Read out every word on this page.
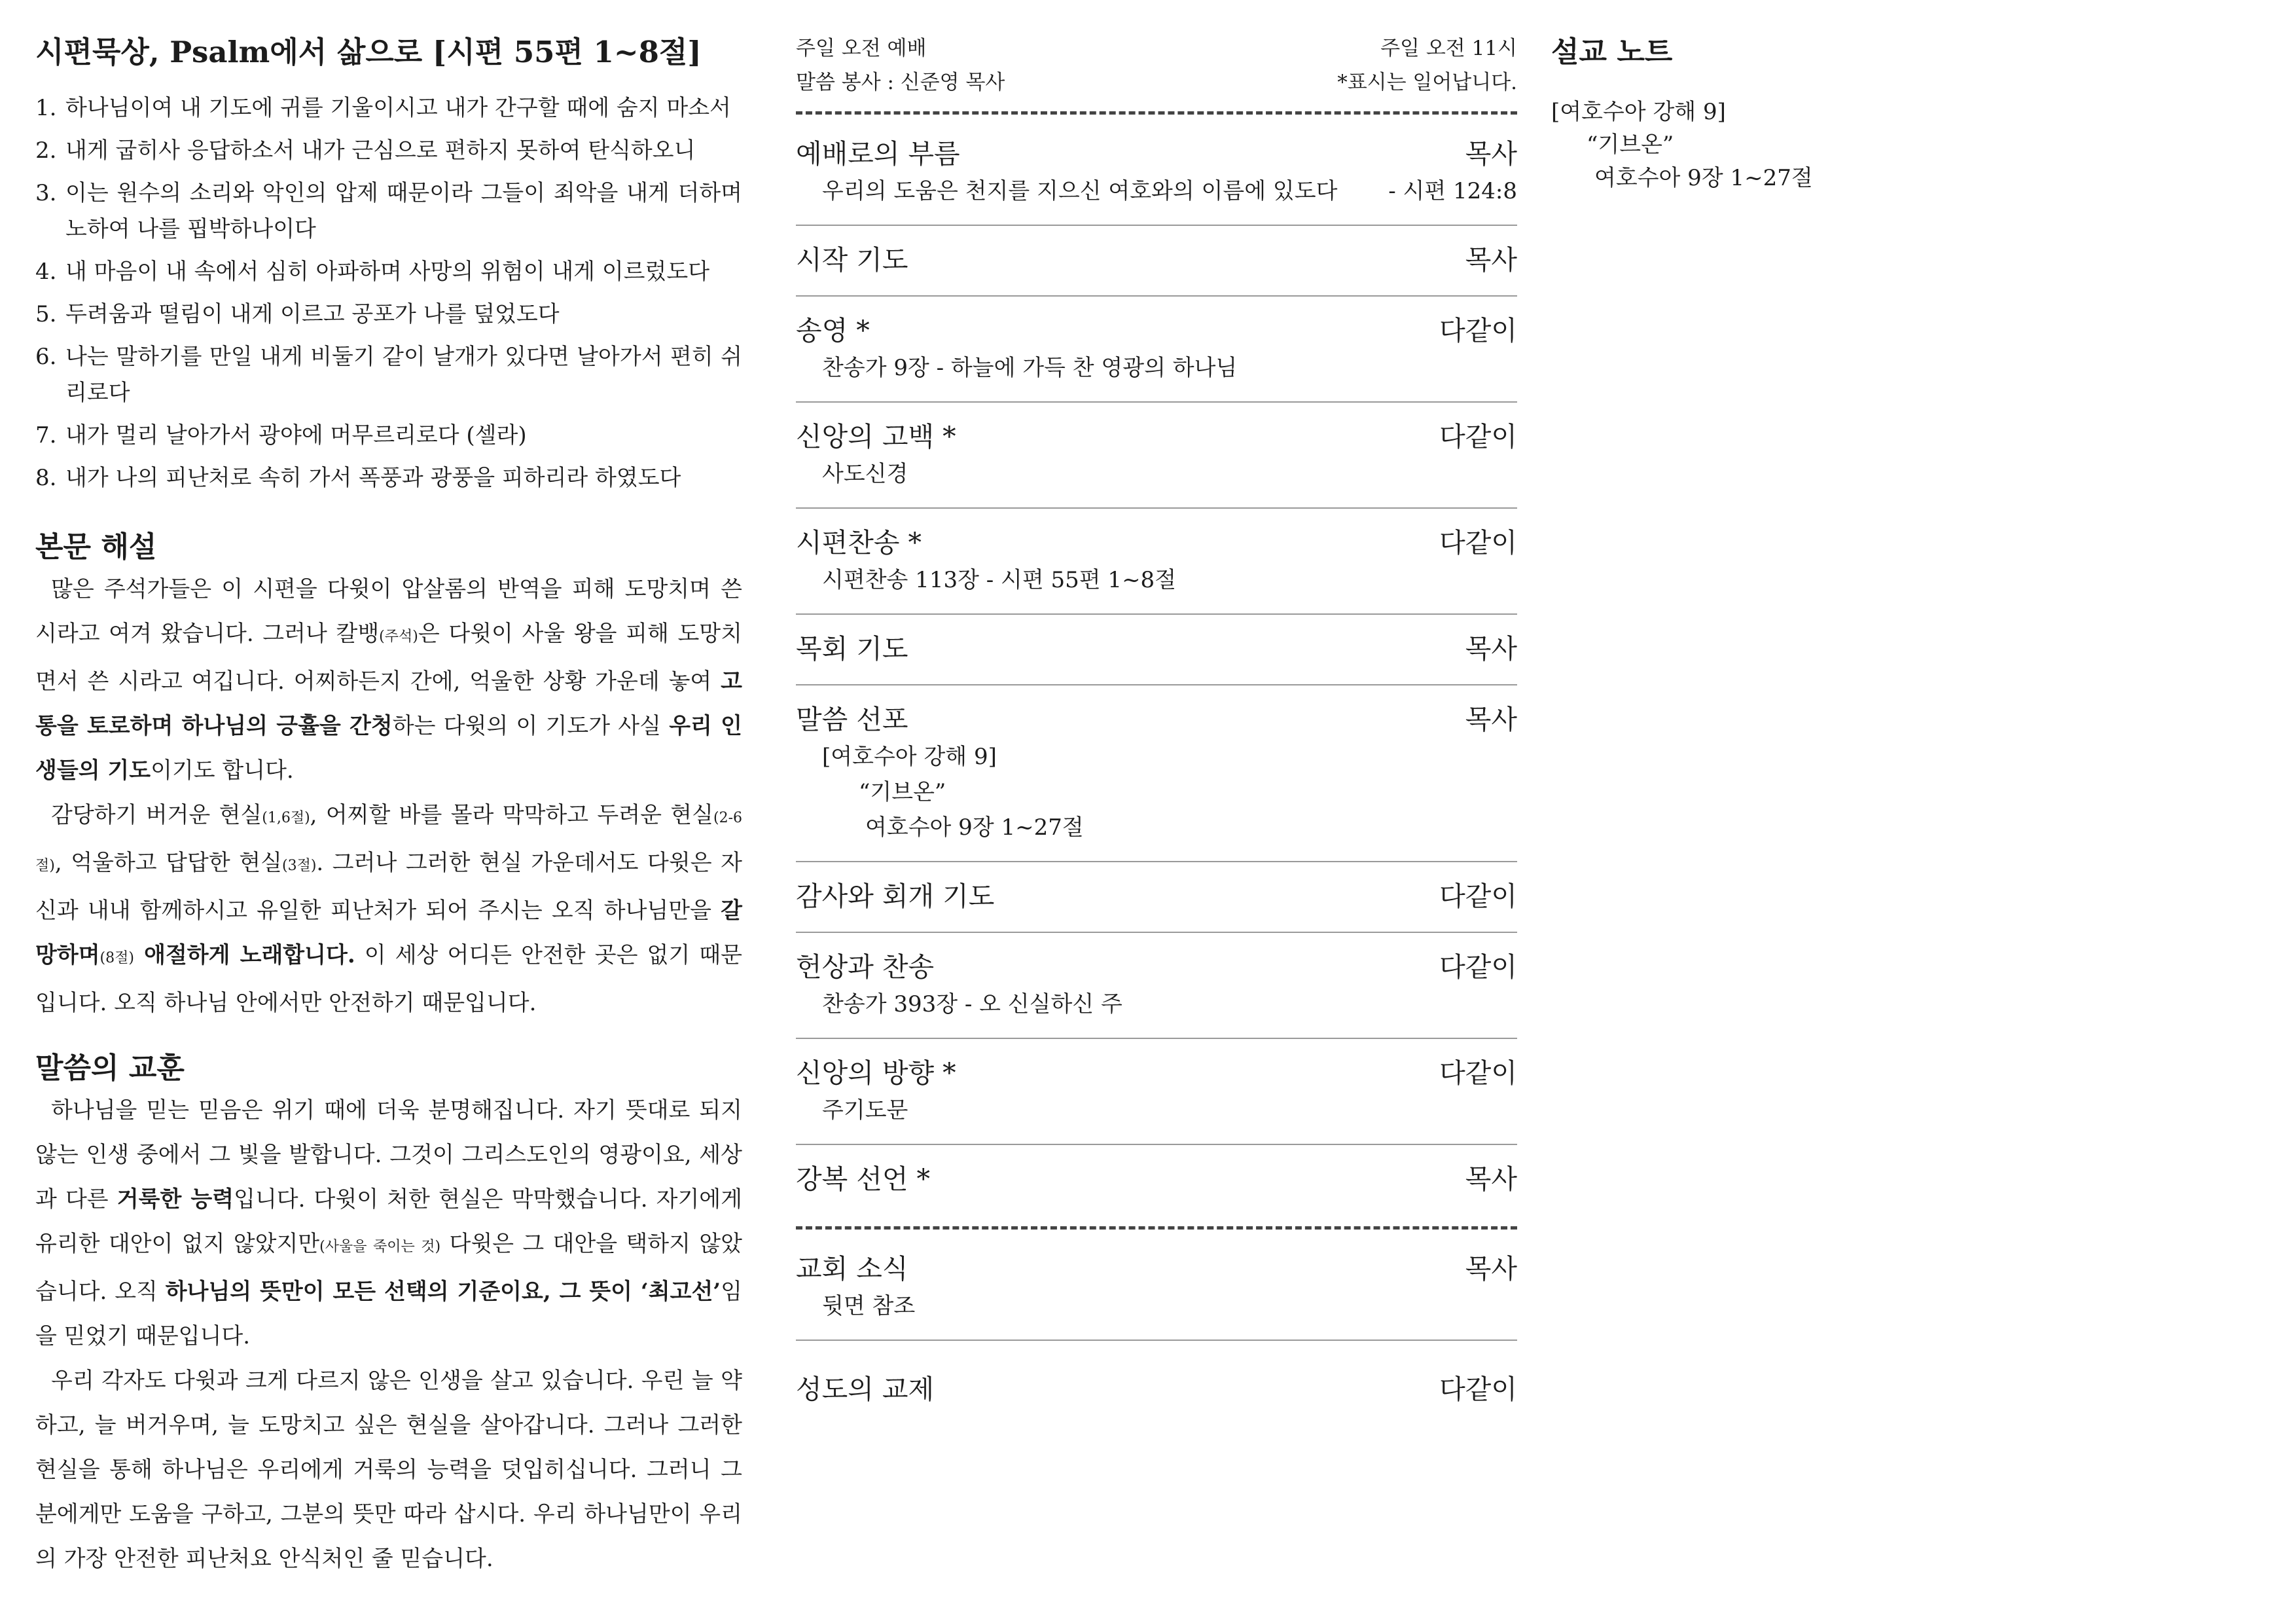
시편묵상, Psalm에서 삶으로 [시편 55편 1~8절]
1. 하나님이여 내 기도에 귀를 기울이시고 내가 간구할 때에 숨지 마소서
2. 내게 굽히사 응답하소서 내가 근심으로 편하지 못하여 탄식하오니
3. 이는 원수의 소리와 악인의 압제 때문이라 그들이 죄악을 내게 더하며 노하여 나를 핍박하나이다
4. 내 마음이 내 속에서 심히 아파하며 사망의 위험이 내게 이르렀도다
5. 두려움과 떨림이 내게 이르고 공포가 나를 덮었도다
6. 나는 말하기를 만일 내게 비둘기 같이 날개가 있다면 날아가서 편히 쉬리로다
7. 내가 멀리 날아가서 광야에 머무르리로다 (셀라)
8. 내가 나의 피난처로 속히 가서 폭풍과 광풍을 피하리라 하였도다
본문 해설

많은 주석가들은 이 시편을 다윗이 압살롬의 반역을 피해 도망치며 쓴 시라고 여겨 왔습니다. 그러나 칼뱅(주석)은 다윗이 사울 왕을 피해 도망치면서 쓴 시라고 여깁니다. 어찌하든지 간에, 억울한 상황 가운데 놓여 고통을 토로하며 하나님의 긍휼을 간청하는 다윗의 이 기도가 사실 우리 인생들의 기도이기도 합니다.

감당하기 버거운 현실(1,6절), 어찌할 바를 몰라 막막하고 두려운 현실(2-6절), 억울하고 답답한 현실(3절). 그러나 그러한 현실 가운데서도 다윗은 자신과 내내 함께하시고 유일한 피난처가 되어 주시는 오직 하나님만을 갈망하며(8절) 애절하게 노래합니다. 이 세상 어디든 안전한 곳은 없기 때문입니다. 오직 하나님 안에서만 안전하기 때문입니다.

말씀의 교훈

하나님을 믿는 믿음은 위기 때에 더욱 분명해집니다. 자기 뜻대로 되지 않는 인생 중에서 그 빛을 발합니다. 그것이 그리스도인의 영광이요, 세상과 다른 거룩한 능력입니다. 다윗이 처한 현실은 막막했습니다. 자기에게 유리한 대안이 없지 않았지만(사울을 죽이는 것) 다윗은 그 대안을 택하지 않았습니다. 오직 하나님의 뜻만이 모든 선택의 기준이요, 그 뜻이 ‘최고선’임을 믿었기 때문입니다.

우리 각자도 다윗과 크게 다르지 않은 인생을 살고 있습니다. 우린 늘 약하고, 늘 버거우며, 늘 도망치고 싶은 현실을 살아갑니다. 그러나 그러한 현실을 통해 하나님은 우리에게 거룩의 능력을 덧입히십니다. 그러니 그분에게만 도움을 구하고, 그분의 뜻만 따라 삽시다. 우리 하나님만이 우리의 가장 안전한 피난처요 안식처인 줄 믿습니다.

주일 오전 예배	주일 오전 11시
말씀 봉사 : 신준영 목사	*표시는 일어납니다.
예배로의 부름	목사
우리의 도움은 천지를 지으신 여호와의 이름에 있도다 - 시편 124:8
시작 기도	목사
송영 *	다같이
찬송가 9장 - 하늘에 가득 찬 영광의 하나님
신앙의 고백 *	다같이
사도신경
시편찬송 *	다같이
시편찬송 113장 - 시편 55편 1~8절
목회 기도	목사
말씀 선포	목사
[여호수아 강해 9]
“기브온”
여호수아 9장 1~27절
감사와 회개 기도	다같이
헌상과 찬송	다같이
찬송가 393장 - 오 신실하신 주
신앙의 방향 *	다같이
주기도문
강복 선언 *	목사
교회 소식	목사
뒷면 참조
성도의 교제	다같이
설교 노트
[여호수아 강해 9]
“기브온”
여호수아 9장 1~27절
